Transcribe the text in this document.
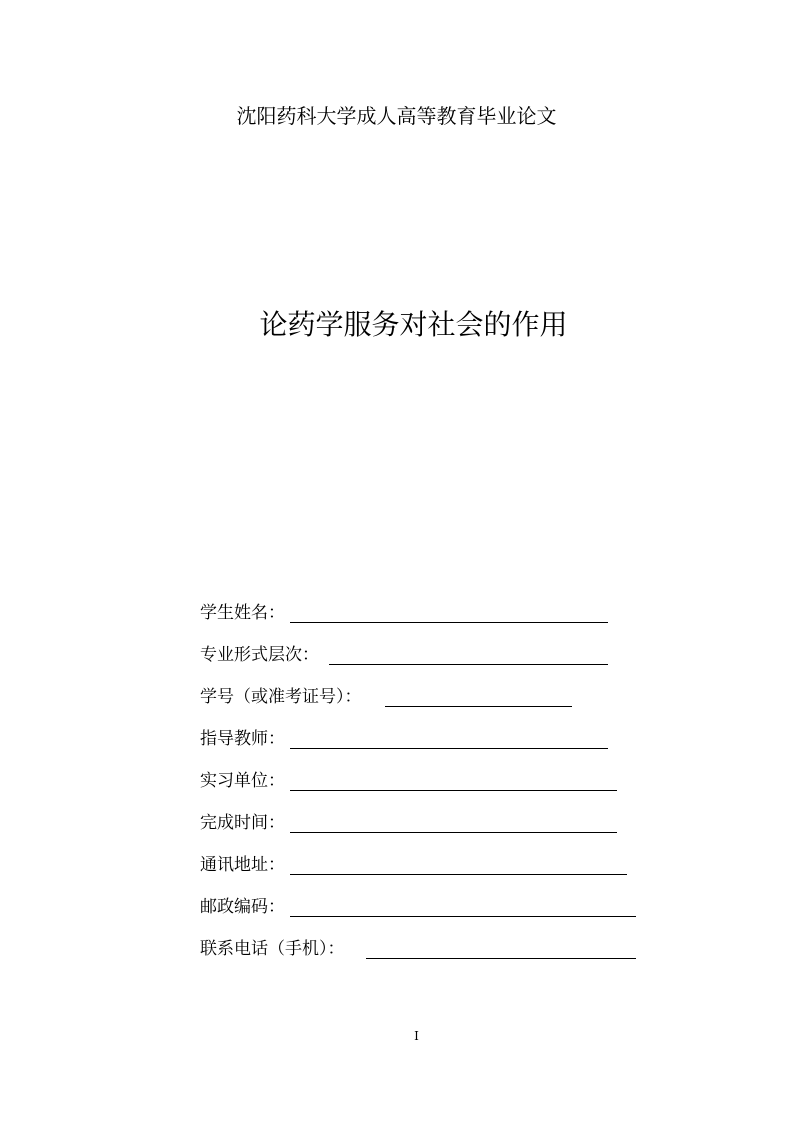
沈阳药科大学成人高等教育毕业论文
论药学服务对社会的作用
学生姓名：
专业形式层次：
学号（或准考证号）：
指导教师：
实习单位：
完成时间：
通讯地址：
邮政编码：
联系电话（手机）：
I
